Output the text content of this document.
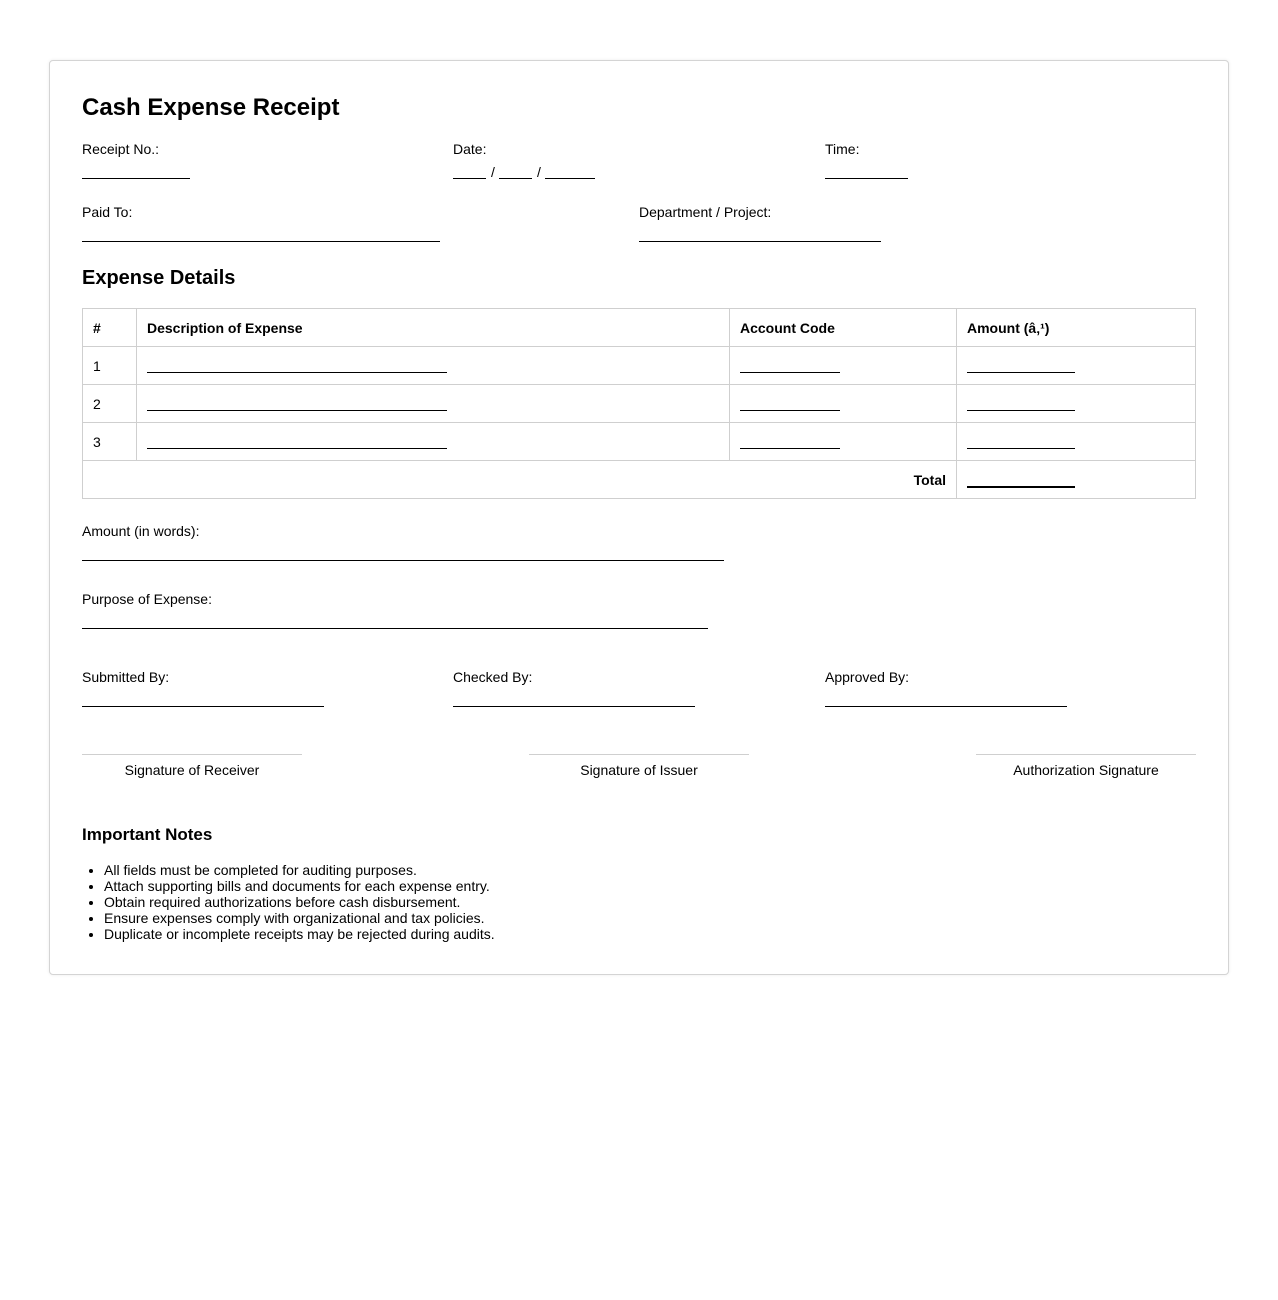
Cash Expense Receipt
Receipt No.:	Date:
/	/
Time:
Paid To:	Department / Project:
Expense Details
#	Description of Expense	Account Code	Amount (â‚¹)
1			
2			
3			
Total			
Amount (in words):
Purpose of Expense:
Submitted By:	Checked By:	Approved By:
Signature of Receiver	Signature of Issuer	Authorization Signature
Important Notes
• All fields must be completed for auditing purposes.
• Attach supporting bills and documents for each expense entry.
• Obtain required authorizations before cash disbursement.
• Ensure expenses comply with organizational and tax policies.
• Duplicate or incomplete receipts may be rejected during audits.
